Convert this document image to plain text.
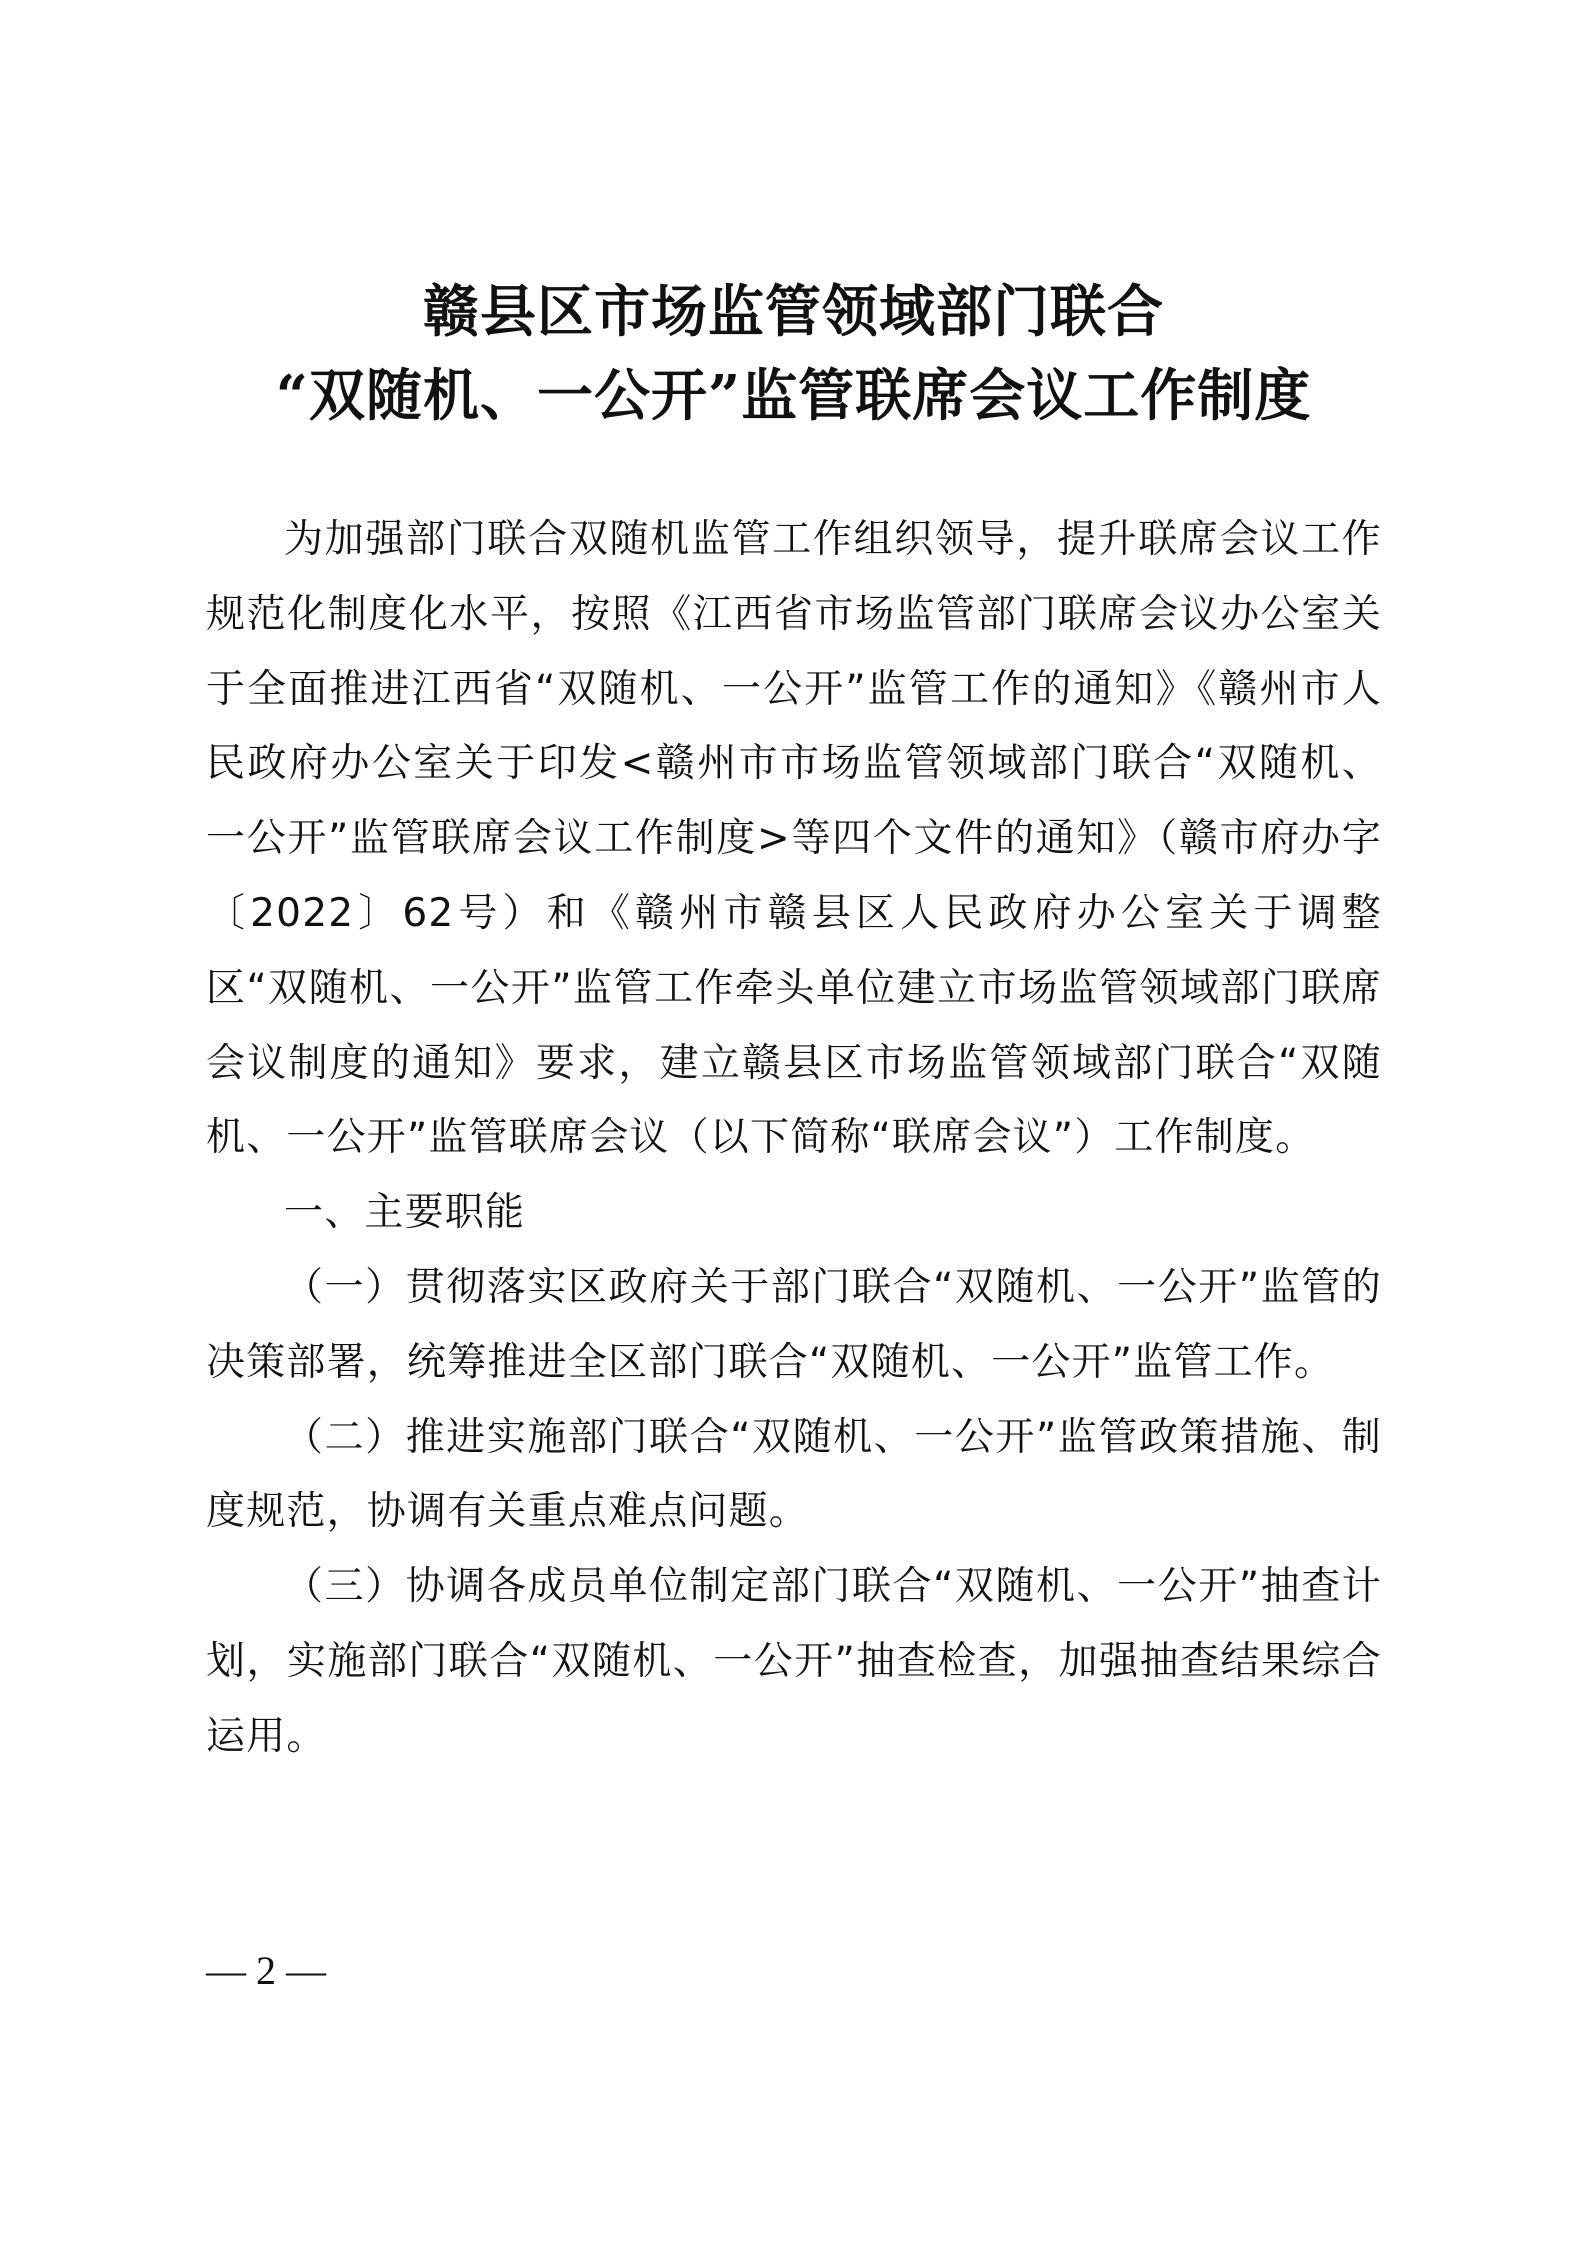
赣县区市场监管领域部门联合
“双随机、一公开”监管联席会议工作制度

为加强部门联合双随机监管工作组织领导，提升联席会议工作规范化制度化水平，按照《江西省市场监管部门联席会议办公室关于全面推进江西省“双随机、一公开”监管工作的通知》《赣州市人民政府办公室关于印发<赣州市市场监管领域部门联合“双随机、一公开”监管联席会议工作制度>等四个文件的通知》（赣市府办字〔2022〕62号）和《赣州市赣县区人民政府办公室关于调整区“双随机、一公开”监管工作牵头单位建立市场监管领域部门联席会议制度的通知》要求，建立赣县区市场监管领域部门联合“双随机、一公开”监管联席会议（以下简称“联席会议”）工作制度。

一、主要职能

（一）贯彻落实区政府关于部门联合“双随机、一公开”监管的决策部署，统筹推进全区部门联合“双随机、一公开”监管工作。

（二）推进实施部门联合“双随机、一公开”监管政策措施、制度规范，协调有关重点难点问题。

（三）协调各成员单位制定部门联合“双随机、一公开”抽查计划，实施部门联合“双随机、一公开”抽查检查，加强抽查结果综合运用。

— 2 —
